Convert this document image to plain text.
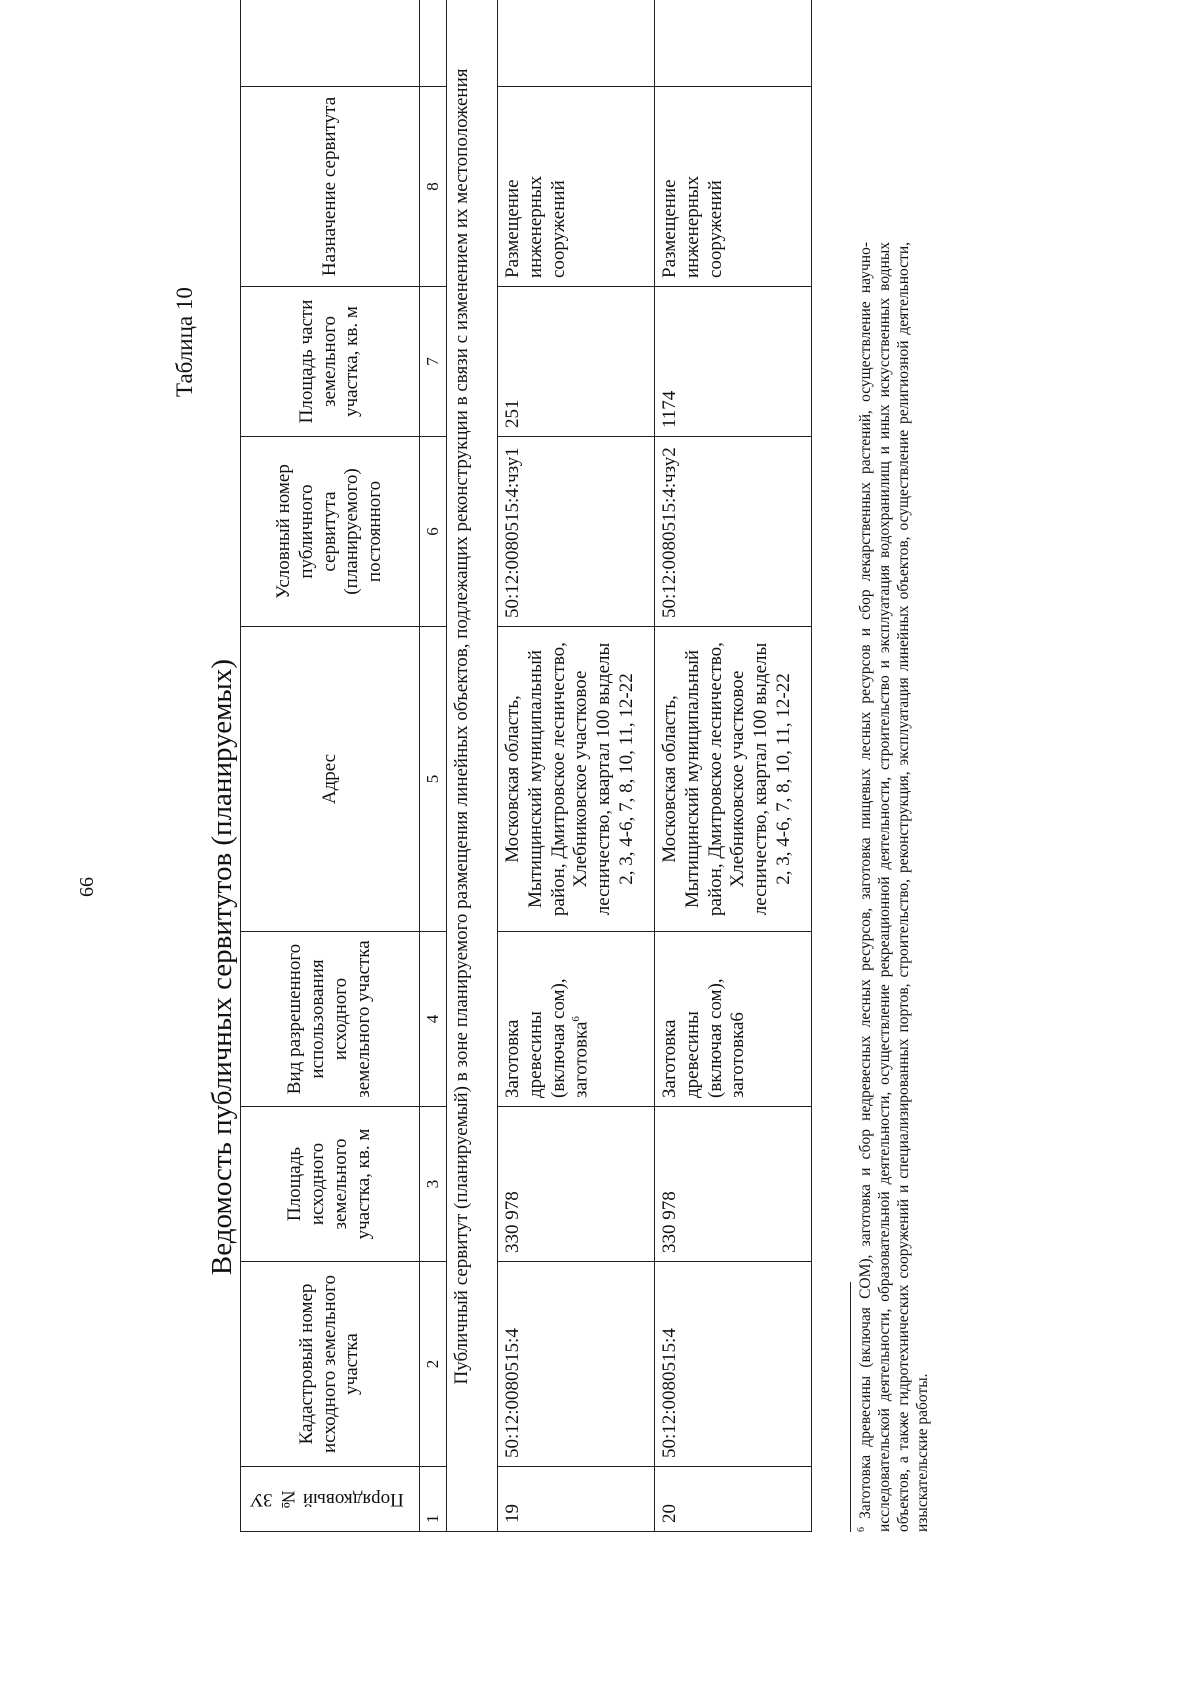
66
Таблица 10
Ведомость публичных сервитутов (планируемых)
Порядковый № ЗУ	Кадастровый номер исходного земельного участка	Площадь исходного земельного участка, кв. м	Вид разрешенного использования исходного земельного участка	Адрес	Условный номер публичного сервитута (планируемого) постоянного	Площадь части земельного участка, кв. м	Назначение сервитута	
1	2	3	4	5	6	7	8	
Публичный сервитут (планируемый) в зоне планируемого размещения линейных объектов, подлежащих реконструкции в связи с изменением их местоположения								
19	50:12:0080515:4	330 978	Заготовка древесины (включая сом), заготовка$^6$	Московская область, Мытищинский муниципальный район, Дмитровское лесничество, Хлебниковское участковое лесничество, квартал 100 выделы 2, 3, 4-6, 7, 8, 10, 11, 12-22	50:12:0080515:4:чзу1	251	Размещение инженерных сооружений	
20	50:12:0080515:4	330 978	Заготовка древесины (включая сом), заготовка6	Московская область, Мытищинский муниципальный район, Дмитровское лесничество, Хлебниковское участковое лесничество, квартал 100 выделы 2, 3, 4-6, 7, 8, 10, 11, 12-22	50:12:0080515:4:чзу2	1174	Размещение инженерных сооружений	
$^6$ Заготовка древесины (включая СОМ), заготовка и сбор недревесных лесных ресурсов, заготовка пищевых лесных ресурсов и сбор лекарственных растений, осуществление научно-исследовательской деятельности, образовательной деятельности, осуществление рекреационной деятельности, строительство и эксплуатация водохранилищ и иных искусственных водных объектов, а также гидротехнических сооружений и специализированных портов, строительство, реконструкция, эксплуатация линейных объектов, осуществление религиозной деятельности, изыскательские работы.
